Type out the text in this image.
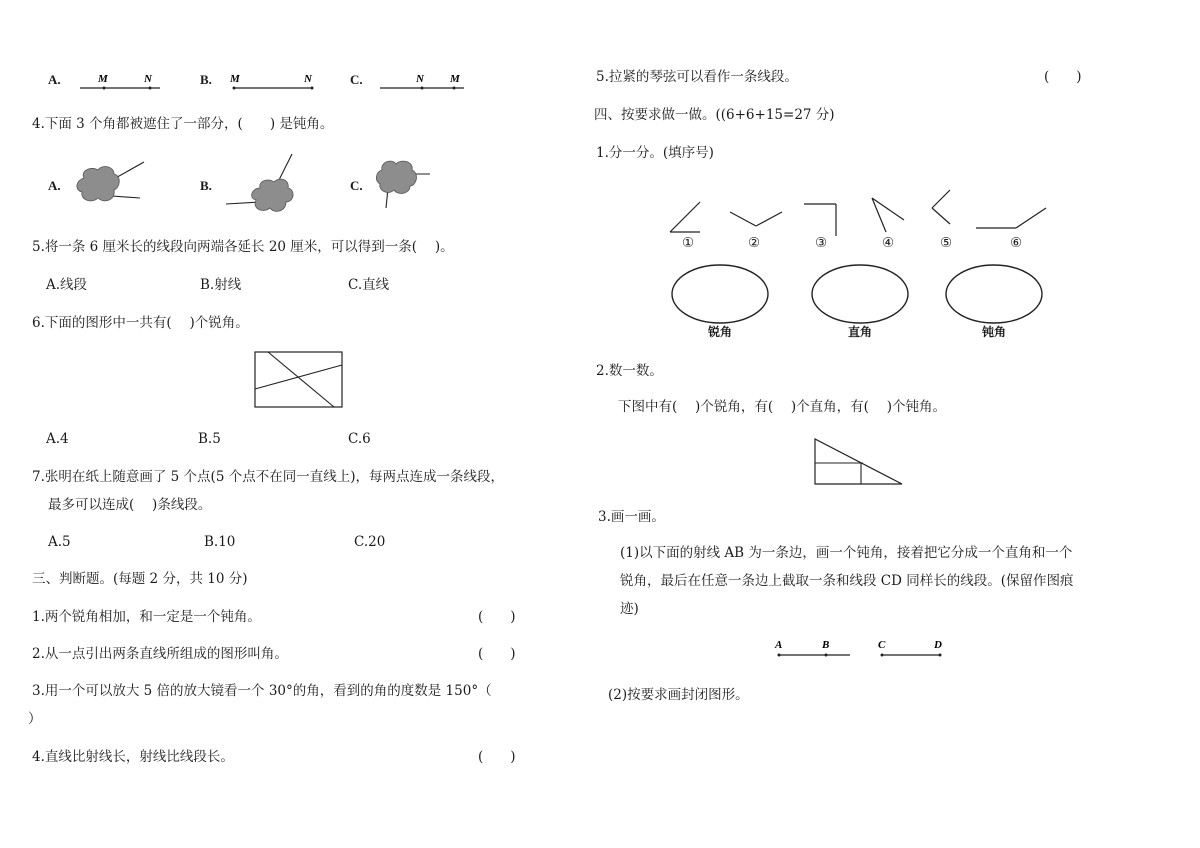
A.	M	N	B. M	N	C.	N M
4.下面 3 个角都被遮住了一部分，(　　) 是钝角。
A.	B.	C.
5.将一条 6 厘米长的线段向两端各延长 20 厘米，可以得到一条(　 )。
A.线段	B.射线	C.直线
6.下面的图形中一共有(　 )个锐角。
A.4	B.5	C.6
7.张明在纸上随意画了 5 个点(5 个点不在同一直线上)，每两点连成一条线段，
最多可以连成(　 )条线段。
A.5	B.10	C.20
三、判断题。(每题 2 分，共 10 分)
1.两个锐角相加，和一定是一个钝角。	(　　)
2.从一点引出两条直线所组成的图形叫角。	(　　)
3.用一个可以放大 5 倍的放大镜看一个 30°的角，看到的角的度数是 150°（
）
4.直线比射线长，射线比线段长。	(　　)
5.拉紧的琴弦可以看作一条线段。	(　　)
四、按要求做一做。((6+6+15=27 分)
1.分一分。(填序号)
①	②	③	④	⑤	⑥
锐角	直角	钝角
2.数一数。
下图中有(　 )个锐角，有(　 )个直角，有(　 )个钝角。
3.画一画。
(1)以下面的射线 AB 为一条边，画一个钝角，接着把它分成一个直角和一个
锐角，最后在任意一条边上截取一条和线段 CD 同样长的线段。(保留作图痕
迹)
A	B	C	D
(2)按要求画封闭图形。
